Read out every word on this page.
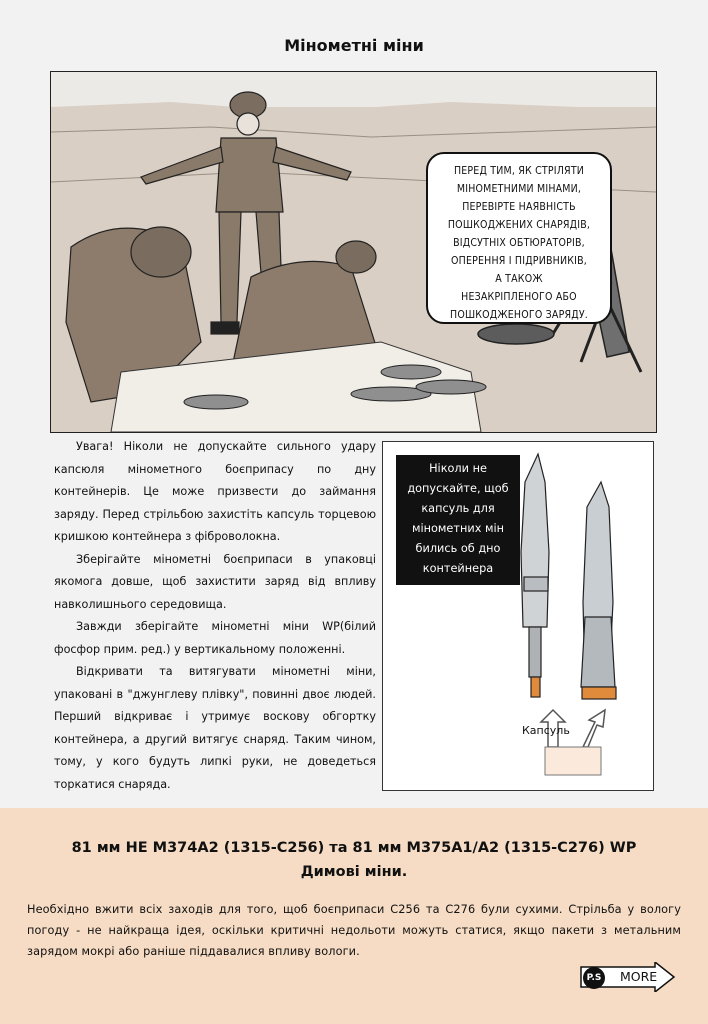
Мінометні міни
ПЕРЕД ТИМ, ЯК СТРІЛЯТИ
МІНОМЕТНИМИ МІНАМИ,
ПЕРЕВІРТЕ НАЯВНІСТЬ
ПОШКОДЖЕНИХ СНАРЯДІВ,
ВІДСУТНІХ ОБТЮРАТОРІВ,
ОПЕРЕННЯ І ПІДРИВНИКІВ,
А ТАКОЖ
НЕЗАКРІПЛЕНОГО АБО
ПОШКОДЖЕНОГО ЗАРЯДУ.

Увага! Ніколи не допускайте сильного удару капсюля мінометного боєприпасу по дну контейнерів. Це може призвести до займання заряду. Перед стрільбою захистіть капсуль торцевою кришкою контейнера з фіброволокна.

Зберігайте мінометні боєприпаси в упаковці якомога довше, щоб захистити заряд від впливу навколишнього середовища.

Завжди зберігайте мінометні міни WP(білий фосфор прим. ред.) у вертикальному положенні.

Відкривати та витягувати мінометні міни, упаковані в "джунглеву плівку", повинні двоє людей. Перший відкриває і утримує воскову обгортку контейнера, а другий витягує снаряд. Таким чином, тому, у кого будуть липкі руки, не доведеться торкатися снаряда.

Ніколи не
допускайте, щоб
капсуль для
мінометних мін
бились об дно
контейнера
Капсуль
81 мм HE M374A2 (1315-C256) та 81 мм M375A1/A2 (1315-C276) WP
Димові міни.
Необхідно вжити всіх заходів для того, щоб боєприпаси C256 та C276 були сухими. Стрільба у вологу погоду - не найкраща ідея, оскільки критичні недольоти можуть статися, якщо пакети з метальним зарядом мокрі або раніше піддавалися впливу вологи.
P.S MORE
